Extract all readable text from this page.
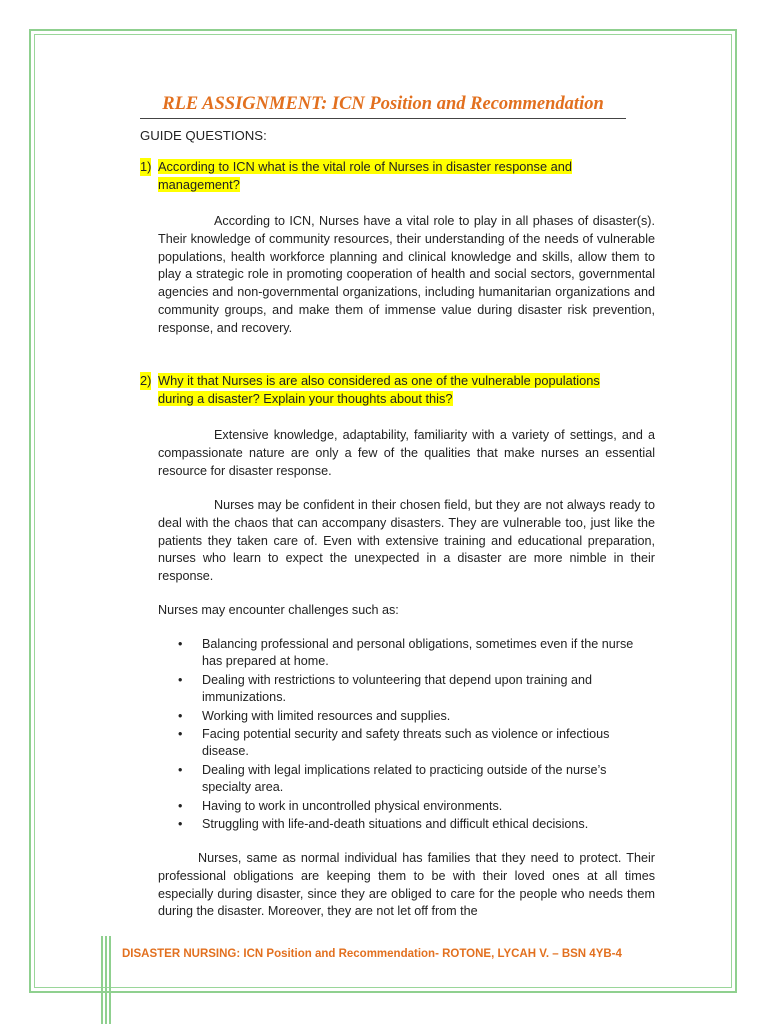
RLE ASSIGNMENT: ICN Position and Recommendation
GUIDE QUESTIONS:
1) According to ICN what is the vital role of Nurses in disaster response and
management?
According to ICN, Nurses have a vital role to play in all phases of disaster(s). Their knowledge of community resources, their understanding of the needs of vulnerable populations, health workforce planning and clinical knowledge and skills, allow them to play a strategic role in promoting cooperation of health and social sectors, governmental agencies and non-governmental organizations, including humanitarian organizations and community groups, and make them of immense value during disaster risk prevention, response, and recovery.
2) Why it that Nurses is are also considered as one of the vulnerable populations
during a disaster? Explain your thoughts about this?
Extensive knowledge, adaptability, familiarity with a variety of settings, and a compassionate nature are only a few of the qualities that make nurses an essential resource for disaster response.
Nurses may be confident in their chosen field, but they are not always ready to deal with the chaos that can accompany disasters. They are vulnerable too, just like the patients they taken care of. Even with extensive training and educational preparation, nurses who learn to expect the unexpected in a disaster are more nimble in their response.
Nurses may encounter challenges such as:
• Balancing professional and personal obligations, sometimes even if the nurse has prepared at home.
• Dealing with restrictions to volunteering that depend upon training and immunizations.
• Working with limited resources and supplies.
• Facing potential security and safety threats such as violence or infectious disease.
• Dealing with legal implications related to practicing outside of the nurse’s specialty area.
• Having to work in uncontrolled physical environments.
• Struggling with life-and-death situations and difficult ethical decisions.
Nurses, same as normal individual has families that they need to protect. Their professional obligations are keeping them to be with their loved ones at all times especially during disaster, since they are obliged to care for the people who needs them during the disaster. Moreover, they are not let off from the
DISASTER NURSING: ICN Position and Recommendation- ROTONE, LYCAH V. – BSN 4YB-4
